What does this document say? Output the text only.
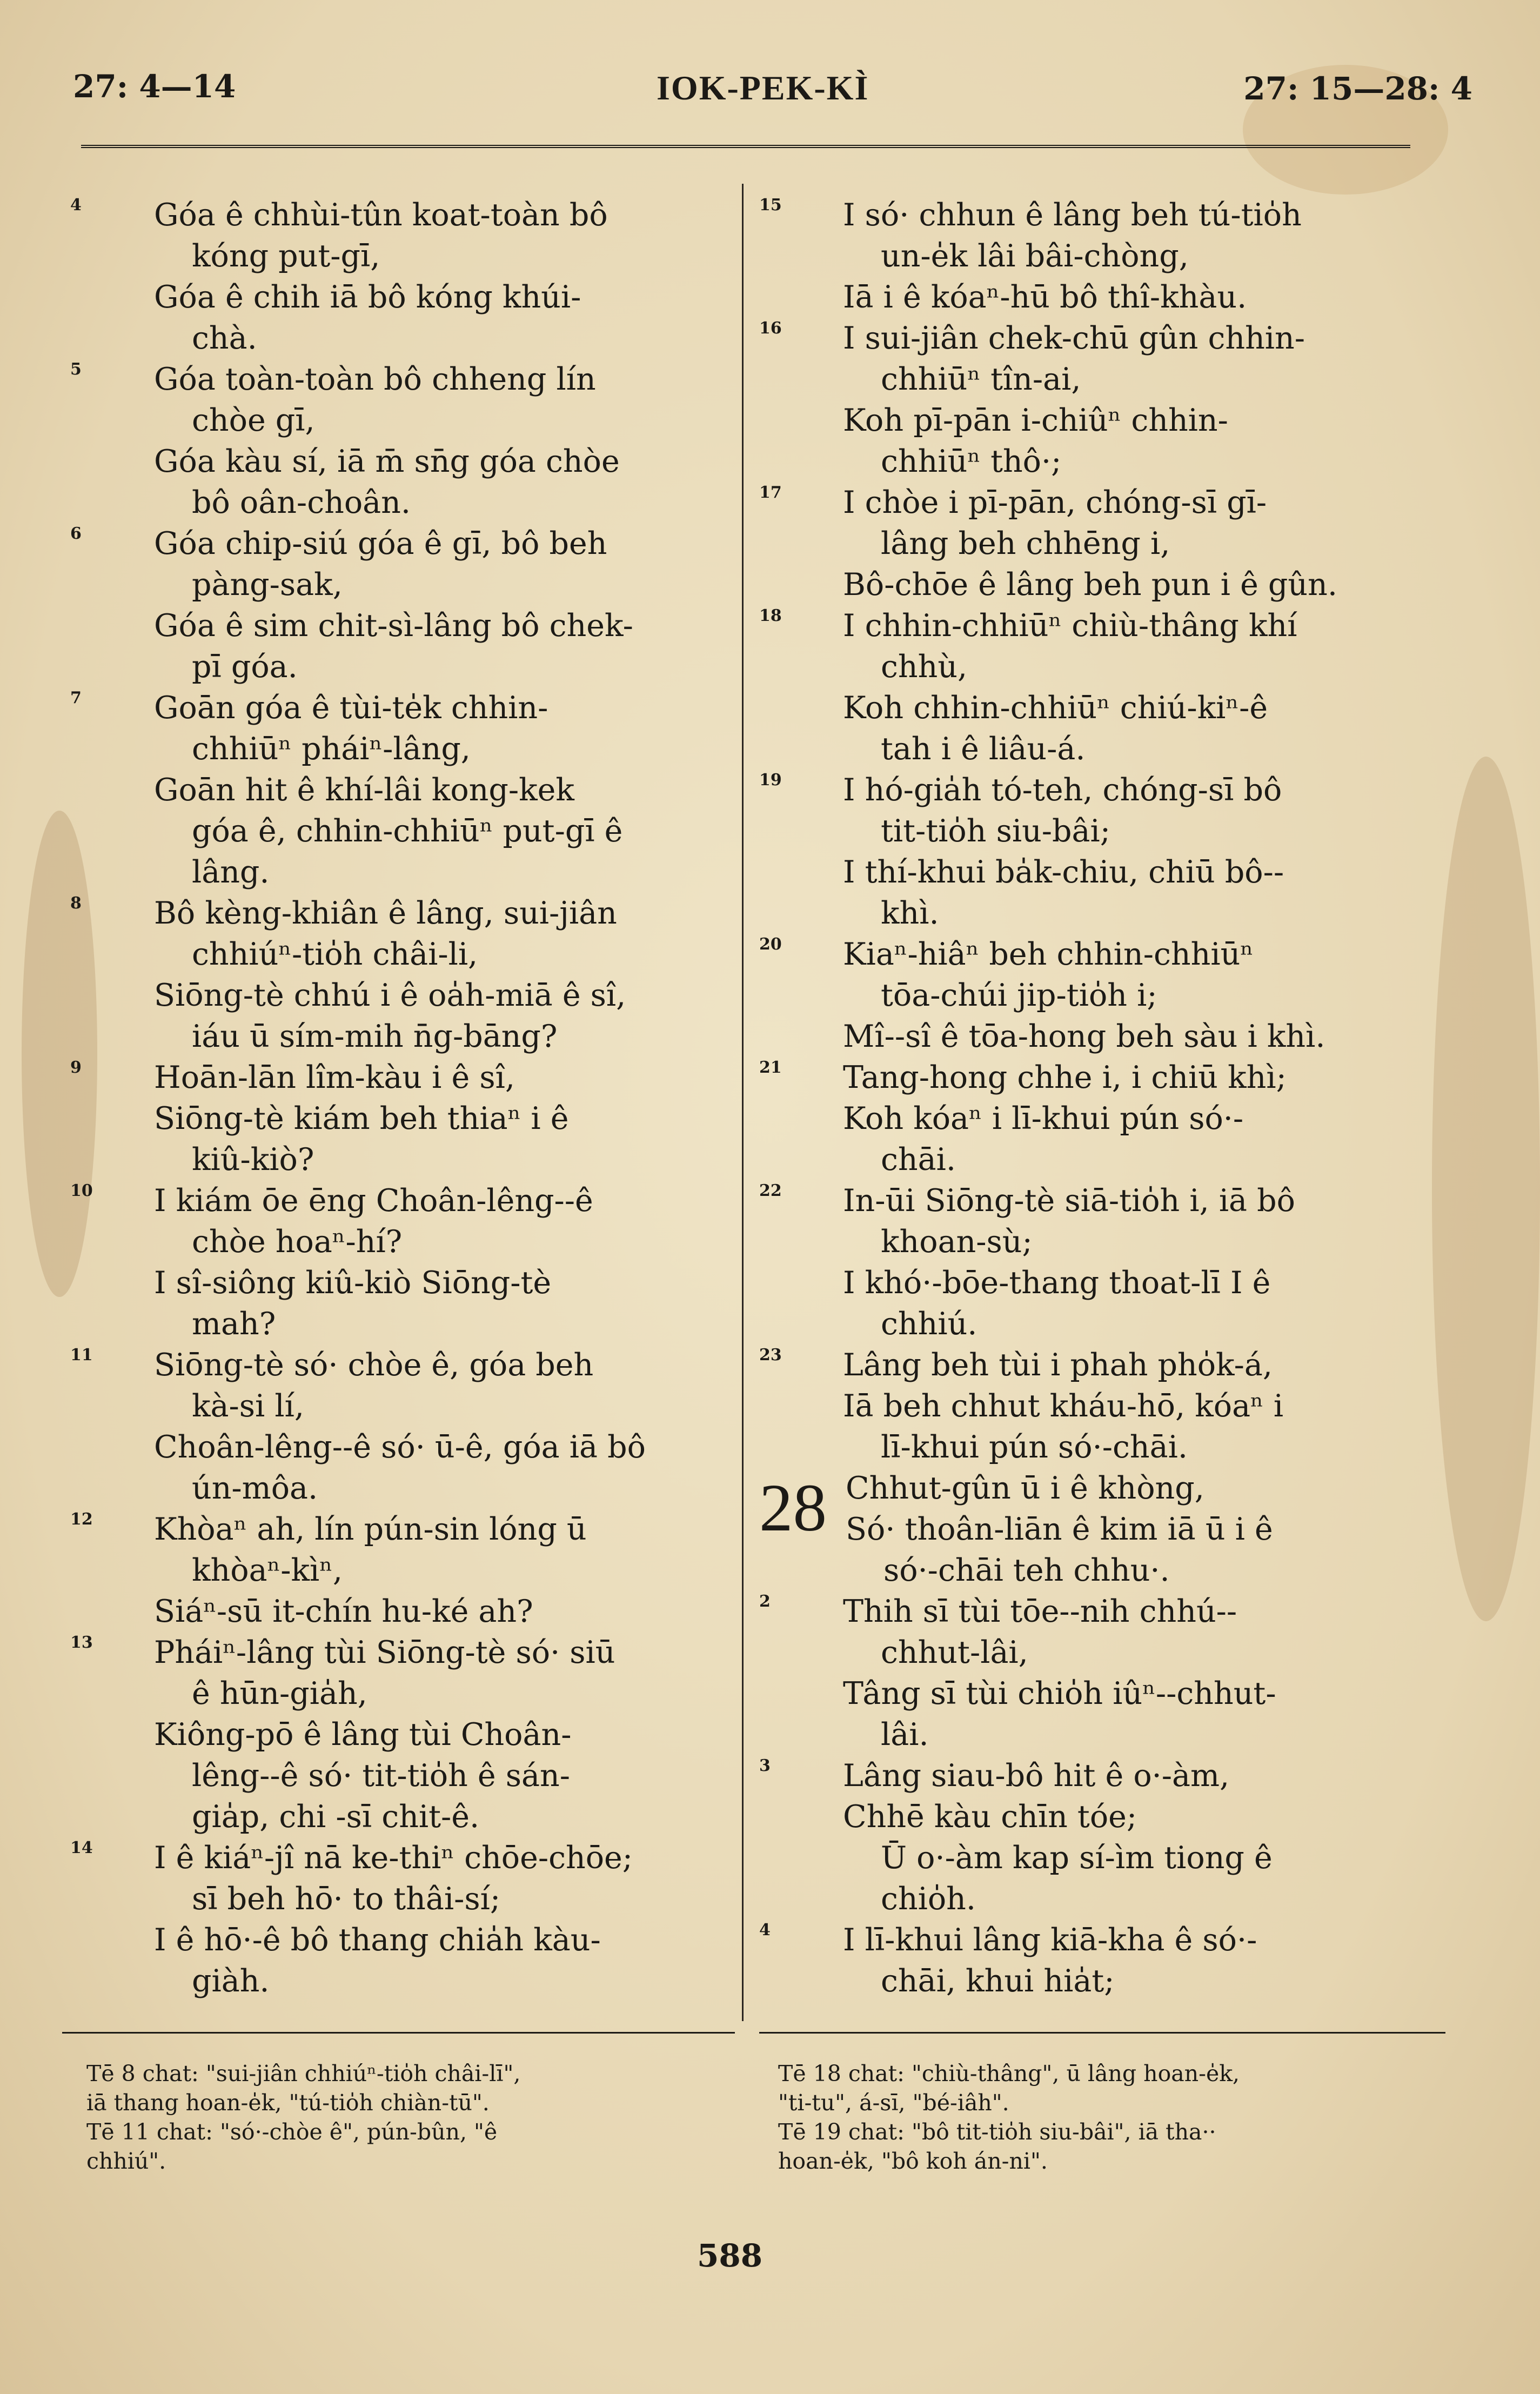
27: 4—14	IOK-PEK-KÌ	27: 15—28: 4
4 Góa ê chhùi-tûn koat-toàn bô
kóng put-gī,
Góa ê chih iā bô kóng khúi-
chà.
5 Góa toàn-toàn bô chheng lín
chòe gī,
Góa kàu sí, iā m̄ sn̄g góa chòe
bô oân-choân.
6 Góa chip-siú góa ê gī, bô beh
pàng-sak,
Góa ê sim chit-sì-lâng bô chek-
pī góa.
7 Goān góa ê tùi-te̍k chhin-
chhiūⁿ pháiⁿ-lâng,
Goān hit ê khí-lâi kong-kek
góa ê, chhin-chhiūⁿ put-gī ê
lâng.
8 Bô kèng-khiân ê lâng, sui-jiân
chhiúⁿ-tio̍h châi-li,
Siōng-tè chhú i ê oa̍h-miā ê sî,
iáu ū sím-mih n̄g-bāng?
9 Hoān-lān lîm-kàu i ê sî,
Siōng-tè kiám beh thiaⁿ i ê
kiû-kiò?
10 I kiám ōe ēng Choân-lêng--ê
chòe hoaⁿ-hí?
I sî-siông kiû-kiò Siōng-tè
mah?
11 Siōng-tè só· chòe ê, góa beh
kà-si lí,
Choân-lêng--ê só· ū-ê, góa iā bô
ún-môa.
12 Khòaⁿ ah, lín pún-sin lóng ū
khòaⁿ-kìⁿ,
Siáⁿ-sū it-chín hu-ké ah?
13 Pháiⁿ-lâng tùi Siōng-tè só· siū
ê hūn-gia̍h,
Kiông-pō ê lâng tùi Choân-
lêng--ê só· tit-tio̍h ê sán-
gia̍p, chi -sī chit-ê.
14 I ê kiáⁿ-jî nā ke-thiⁿ chōe-chōe;
sī beh hō· to thâi-sí;
I ê hō·-ê bô thang chia̍h kàu-
giàh.
15 I só· chhun ê lâng beh tú-tio̍h
un-e̍k lâi bâi-chòng,
Iā i ê kóaⁿ-hū bô thî-khàu.
16 I sui-jiân chek-chū gûn chhin-
chhiūⁿ tîn-ai,
Koh pī-pān i-chiûⁿ chhin-
chhiūⁿ thô·;
17 I chòe i pī-pān, chóng-sī gī-
lâng beh chhēng i,
Bô-chōe ê lâng beh pun i ê gûn.
18 I chhin-chhiūⁿ chiù-thâng khí
chhù,
Koh chhin-chhiūⁿ chiú-kiⁿ-ê
tah i ê liâu-á.
19 I hó-gia̍h tó-teh, chóng-sī bô
tit-tio̍h siu-bâi;
I thí-khui ba̍k-chiu, chiū bô--
khì.
20 Kiaⁿ-hiâⁿ beh chhin-chhiūⁿ
tōa-chúi jip-tio̍h i;
Mî--sî ê tōa-hong beh sàu i khì.
21 Tang-hong chhe i, i chiū khì;
Koh kóaⁿ i lī-khui pún só·-
chāi.
22 In-ūi Siōng-tè siā-tio̍h i, iā bô
khoan-sù;
I khó·-bōe-thang thoat-lī I ê
chhiú.
23 Lâng beh tùi i phah pho̍k-á,
Iā beh chhut kháu-hō, kóaⁿ i
lī-khui pún só·-chāi.
28 Chhut-gûn ū i ê khòng,
Só· thoân-liān ê kim iā ū i ê
só·-chāi teh chhu·.
2 Thih sī tùi tōe--nih chhú--
chhut-lâi,
Tâng sī tùi chio̍h iûⁿ--chhut-
lâi.
3 Lâng siau-bô hit ê o·-àm,
Chhē kàu chīn tóe;
Ū o·-àm kap sí-ìm tiong ê
chio̍h.
4 I lī-khui lâng kiā-kha ê só·-
chāi, khui hia̍t;
Tē 8 chat: "sui-jiân chhiúⁿ-tio̍h châi-lī",
iā thang hoan-e̍k, "tú-tio̍h chiàn-tū".
Tē 11 chat: "só·-chòe ê", pún-bûn, "ê
chhiú".
Tē 18 chat: "chiù-thâng", ū lâng hoan-e̍k,
"ti-tu", á-sī, "bé-iâh".
Tē 19 chat: "bô tit-tio̍h siu-bâi", iā tha··
hoan-e̍k, "bô koh án-ni".
588
